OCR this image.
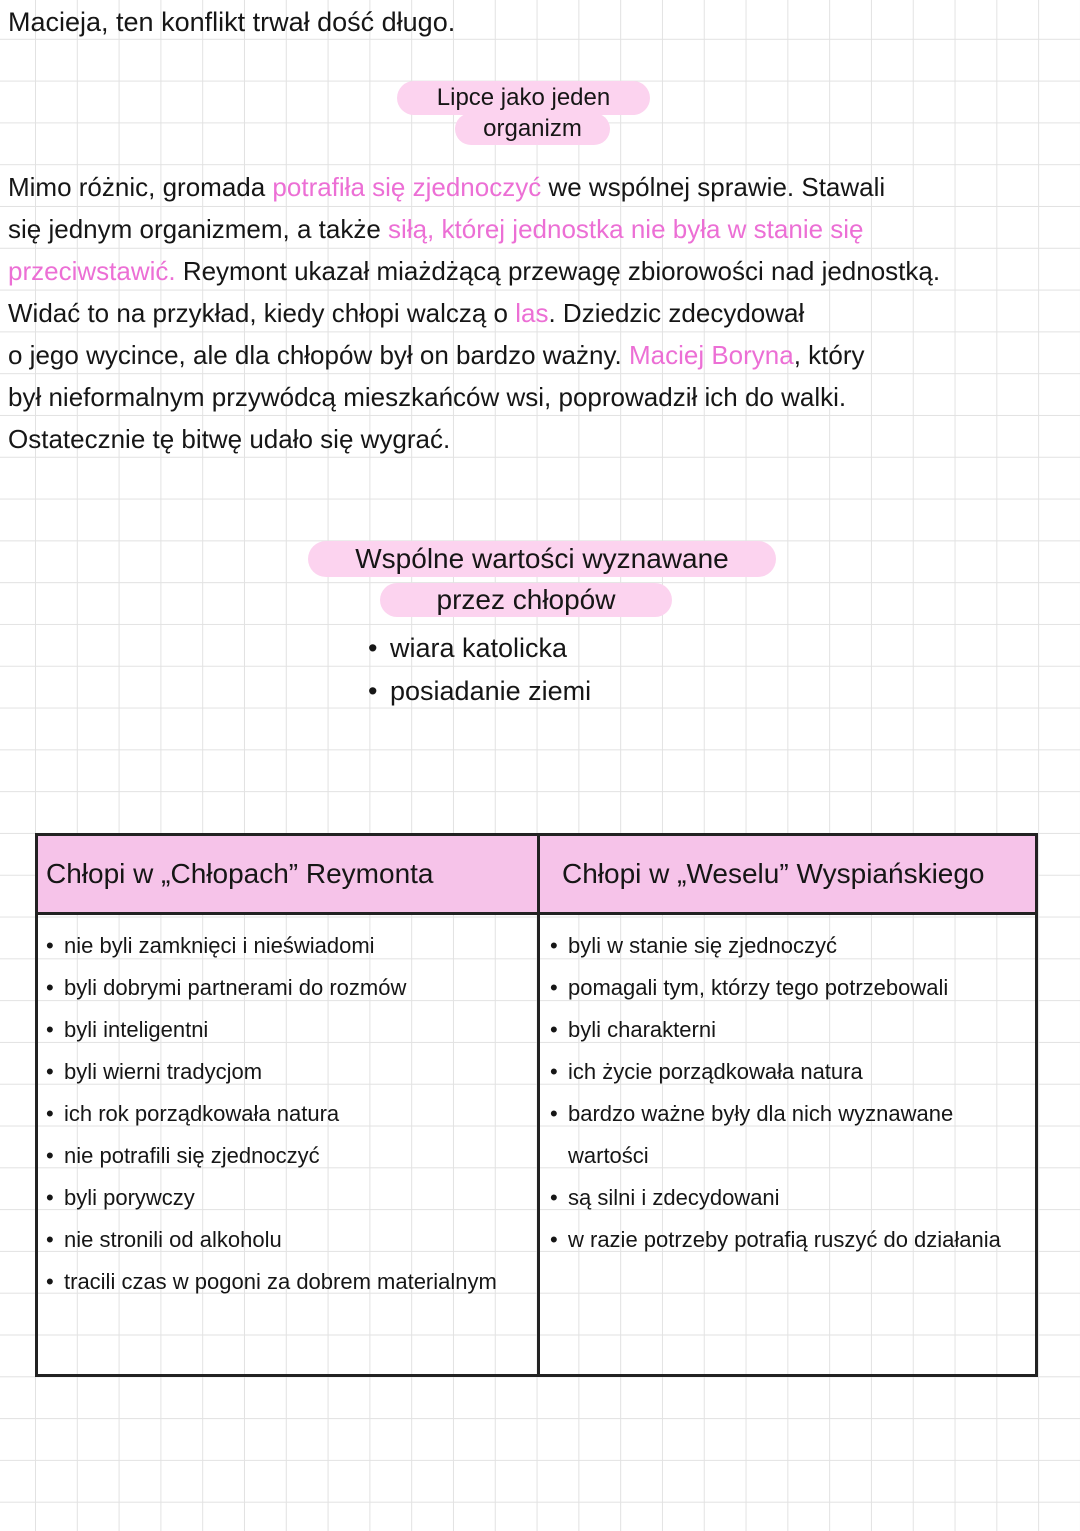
Macieja, ten konflikt trwał dość długo.
Lipce jako jeden
organizm
Mimo różnic, gromada potrafiła się zjednoczyć we wspólnej sprawie. Stawali
się jednym organizmem, a także siłą, której jednostka nie była w stanie się
przeciwstawić. Reymont ukazał miażdżącą przewagę zbiorowości nad jednostką.
Widać to na przykład, kiedy chłopi walczą o las. Dziedzic zdecydował
o jego wycince, ale dla chłopów był on bardzo ważny. Maciej Boryna, który
był nieformalnym przywódcą mieszkańców wsi, poprowadził ich do walki.
Ostatecznie tę bitwę udało się wygrać.
Wspólne wartości wyznawane
przez chłopów
• wiara katolicka
• posiadanie ziemi
Chłopi w „Chłopach” Reymonta	Chłopi w „Weselu” Wyspiańskiego
• nie byli zamknięci i nieświadomi
• byli dobrymi partnerami do rozmów
• byli inteligentni
• byli wierni tradycjom
• ich rok porządkowała natura
• nie potrafili się zjednoczyć
• byli porywczy
• nie stronili od alkoholu
• tracili czas w pogoni za dobrem materialnym
• byli w stanie się zjednoczyć
• pomagali tym, którzy tego potrzebowali
• byli charakterni
• ich życie porządkowała natura
• bardzo ważne były dla nich wyznawane wartości
• są silni i zdecydowani
• w razie potrzeby potrafią ruszyć do działania
